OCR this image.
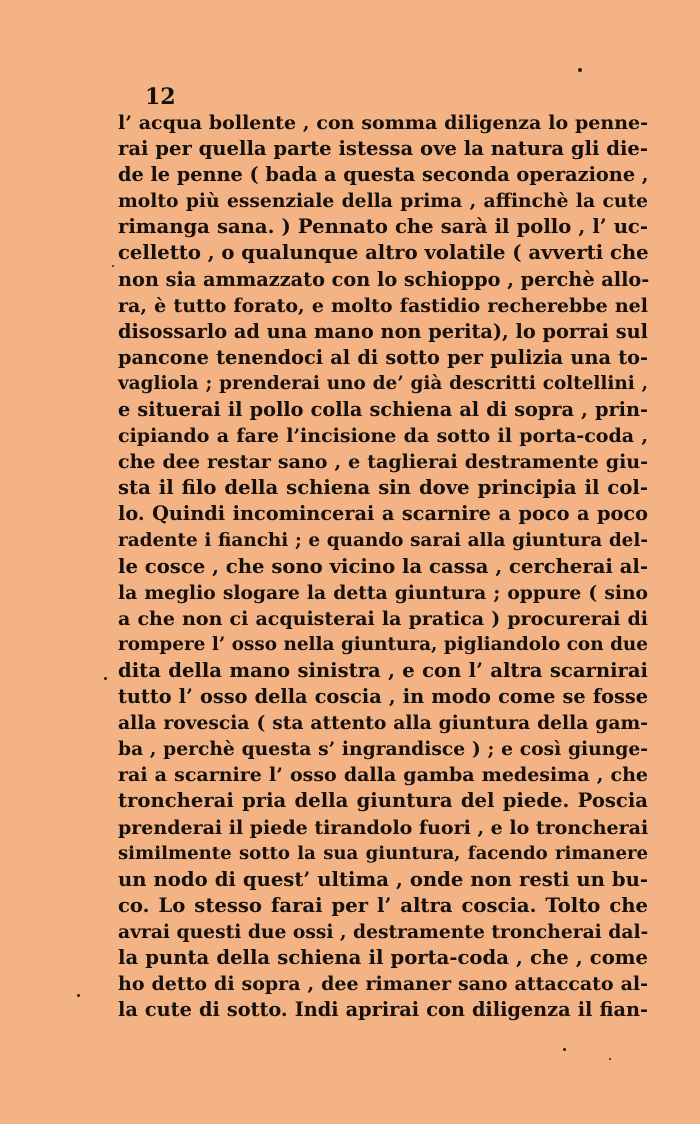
12
l’ acqua bollente , con somma diligenza lo penne-
rai per quella parte istessa ove la natura gli die-
de le penne ( bada a questa seconda operazione ,
molto più essenziale della prima , affinchè la cute
rimanga sana. ) Pennato che sarà il pollo , l’ uc-
celletto , o qualunque altro volatile ( avverti che
non sia ammazzato con lo schioppo , perchè allo-
ra, è tutto forato, e molto fastidio recherebbe nel
disossarlo ad una mano non perita), lo porrai sul
pancone tenendoci al di sotto per pulizia una to-
vagliola ; prenderai uno de’ già descritti coltellini ,
e situerai il pollo colla schiena al di sopra , prin-
cipiando a fare l’incisione da sotto il porta-coda ,
che dee restar sano , e taglierai destramente giu-
sta il filo della schiena sin dove principia il col-
lo. Quindi incomincerai a scarnire a poco a poco
radente i fianchi ; e quando sarai alla giuntura del-
le cosce , che sono vicino la cassa , cercherai al-
la meglio slogare la detta giuntura ; oppure ( sino
a che non ci acquisterai la pratica ) procurerai di
rompere l’ osso nella giuntura, pigliandolo con due
dita della mano sinistra , e con l’ altra scarnirai
tutto l’ osso della coscia , in modo come se fosse
alla rovescia ( sta attento alla giuntura della gam-
ba , perchè questa s’ ingrandisce ) ; e così giunge-
rai a scarnire l’ osso dalla gamba medesima , che
troncherai pria della giuntura del piede. Poscia
prenderai il piede tirandolo fuori , e lo troncherai
similmente sotto la sua giuntura, facendo rimanere
un nodo di quest’ ultima , onde non resti un bu-
co. Lo stesso farai per l’ altra coscia. Tolto che
avrai questi due ossi , destramente troncherai dal-
la punta della schiena il porta-coda , che , come
ho detto di sopra , dee rimaner sano attaccato al-
la cute di sotto. Indi aprirai con diligenza il fian-
